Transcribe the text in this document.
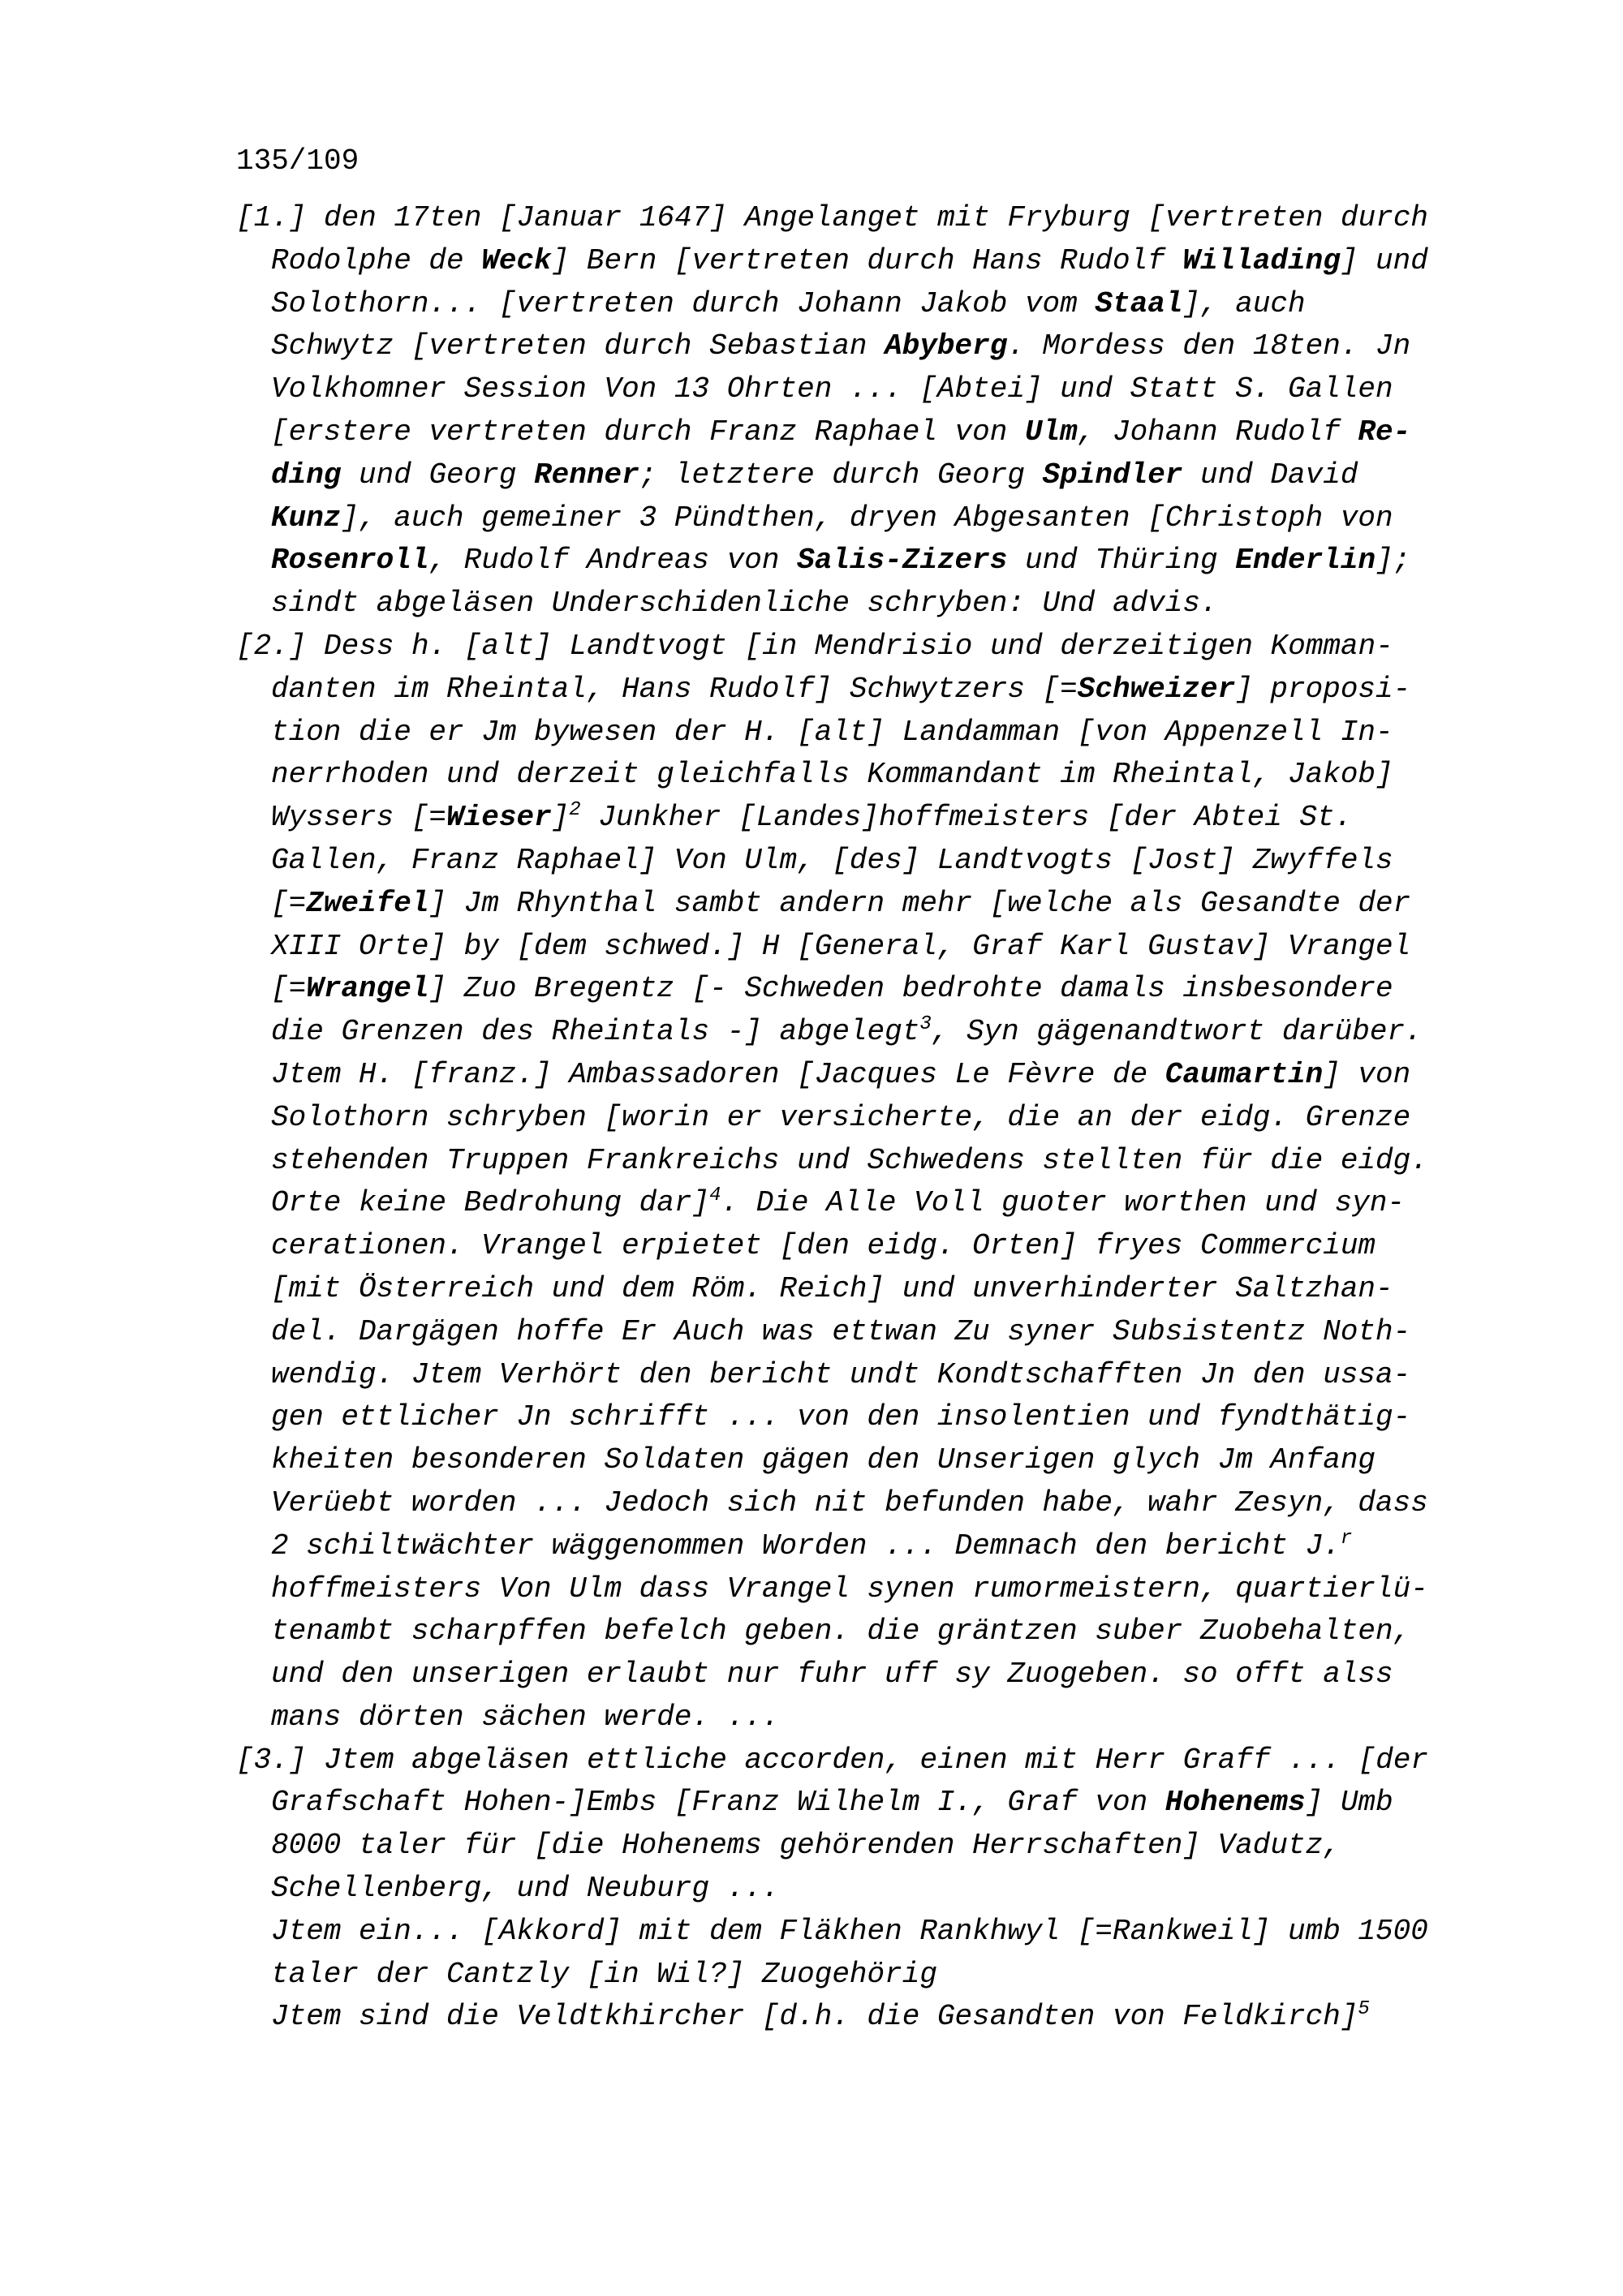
135/109
[1.] den 17ten [Januar 1647] Angelanget mit Fryburg [vertreten durch
Rodolphe de Weck] Bern [vertreten durch Hans Rudolf Willading] und
Solothorn... [vertreten durch Johann Jakob vom Staal], auch
Schwytz [vertreten durch Sebastian Abyberg. Mordess den 18ten. Jn
Volkhomner Session Von 13 Ohrten ... [Abtei] und Statt S. Gallen
[erstere vertreten durch Franz Raphael von Ulm, Johann Rudolf Re-
ding und Georg Renner; letztere durch Georg Spindler und David
Kunz], auch gemeiner 3 Pündthen, dryen Abgesanten [Christoph von
Rosenroll, Rudolf Andreas von Salis-Zizers und Thüring Enderlin];
sindt abgeläsen Underschidenliche schryben: Und advis.
[2.] Dess h. [alt] Landtvogt [in Mendrisio und derzeitigen Komman-
danten im Rheintal, Hans Rudolf] Schwytzers [=Schweizer] proposi-
tion die er Jm bywesen der H. [alt] Landamman [von Appenzell In-
nerrhoden und derzeit gleichfalls Kommandant im Rheintal, Jakob]
Wyssers [=Wieser]$^2$ Junkher [Landes]hoffmeisters [der Abtei St.
Gallen, Franz Raphael] Von Ulm, [des] Landtvogts [Jost] Zwyffels
[=Zweifel] Jm Rhynthal sambt andern mehr [welche als Gesandte der
XIII Orte] by [dem schwed.] H [General, Graf Karl Gustav] Vrangel
[=Wrangel] Zuo Bregentz [- Schweden bedrohte damals insbesondere
die Grenzen des Rheintals -] abgelegt$^3$, Syn gägenandtwort darüber.
Jtem H. [franz.] Ambassadoren [Jacques Le Fèvre de Caumartin] von
Solothorn schryben [worin er versicherte, die an der eidg. Grenze
stehenden Truppen Frankreichs und Schwedens stellten für die eidg.
Orte keine Bedrohung dar]$^4$. Die Alle Voll guoter worthen und syn-
cerationen. Vrangel erpietet [den eidg. Orten] fryes Commercium
[mit Österreich und dem Röm. Reich] und unverhinderter Saltzhan-
del. Dargägen hoffe Er Auch was ettwan Zu syner Subsistentz Noth-
wendig. Jtem Verhört den bericht undt Kondtschafften Jn den ussa-
gen ettlicher Jn schrifft ... von den insolentien und fyndthätig-
kheiten besonderen Soldaten gägen den Unserigen glych Jm Anfang
Verüebt worden ... Jedoch sich nit befunden habe, wahr Zesyn, dass
2 schiltwächter wäggenommen Worden ... Demnach den bericht J.$^r$
hoffmeisters Von Ulm dass Vrangel synen rumormeistern, quartierlü-
tenambt scharpffen befelch geben. die gräntzen suber Zuobehalten,
und den unserigen erlaubt nur fuhr uff sy Zuogeben. so offt alss
mans dörten sächen werde. ...
[3.] Jtem abgeläsen ettliche accorden, einen mit Herr Graff ... [der
Grafschaft Hohen-]Embs [Franz Wilhelm I., Graf von Hohenems] Umb
8000 taler für [die Hohenems gehörenden Herrschaften] Vadutz,
Schellenberg, und Neuburg ...
Jtem ein... [Akkord] mit dem Fläkhen Rankhwyl [=Rankweil] umb 1500
taler der Cantzly [in Wil?] Zuogehörig
Jtem sind die Veldtkhircher [d.h. die Gesandten von Feldkirch]$^5$
